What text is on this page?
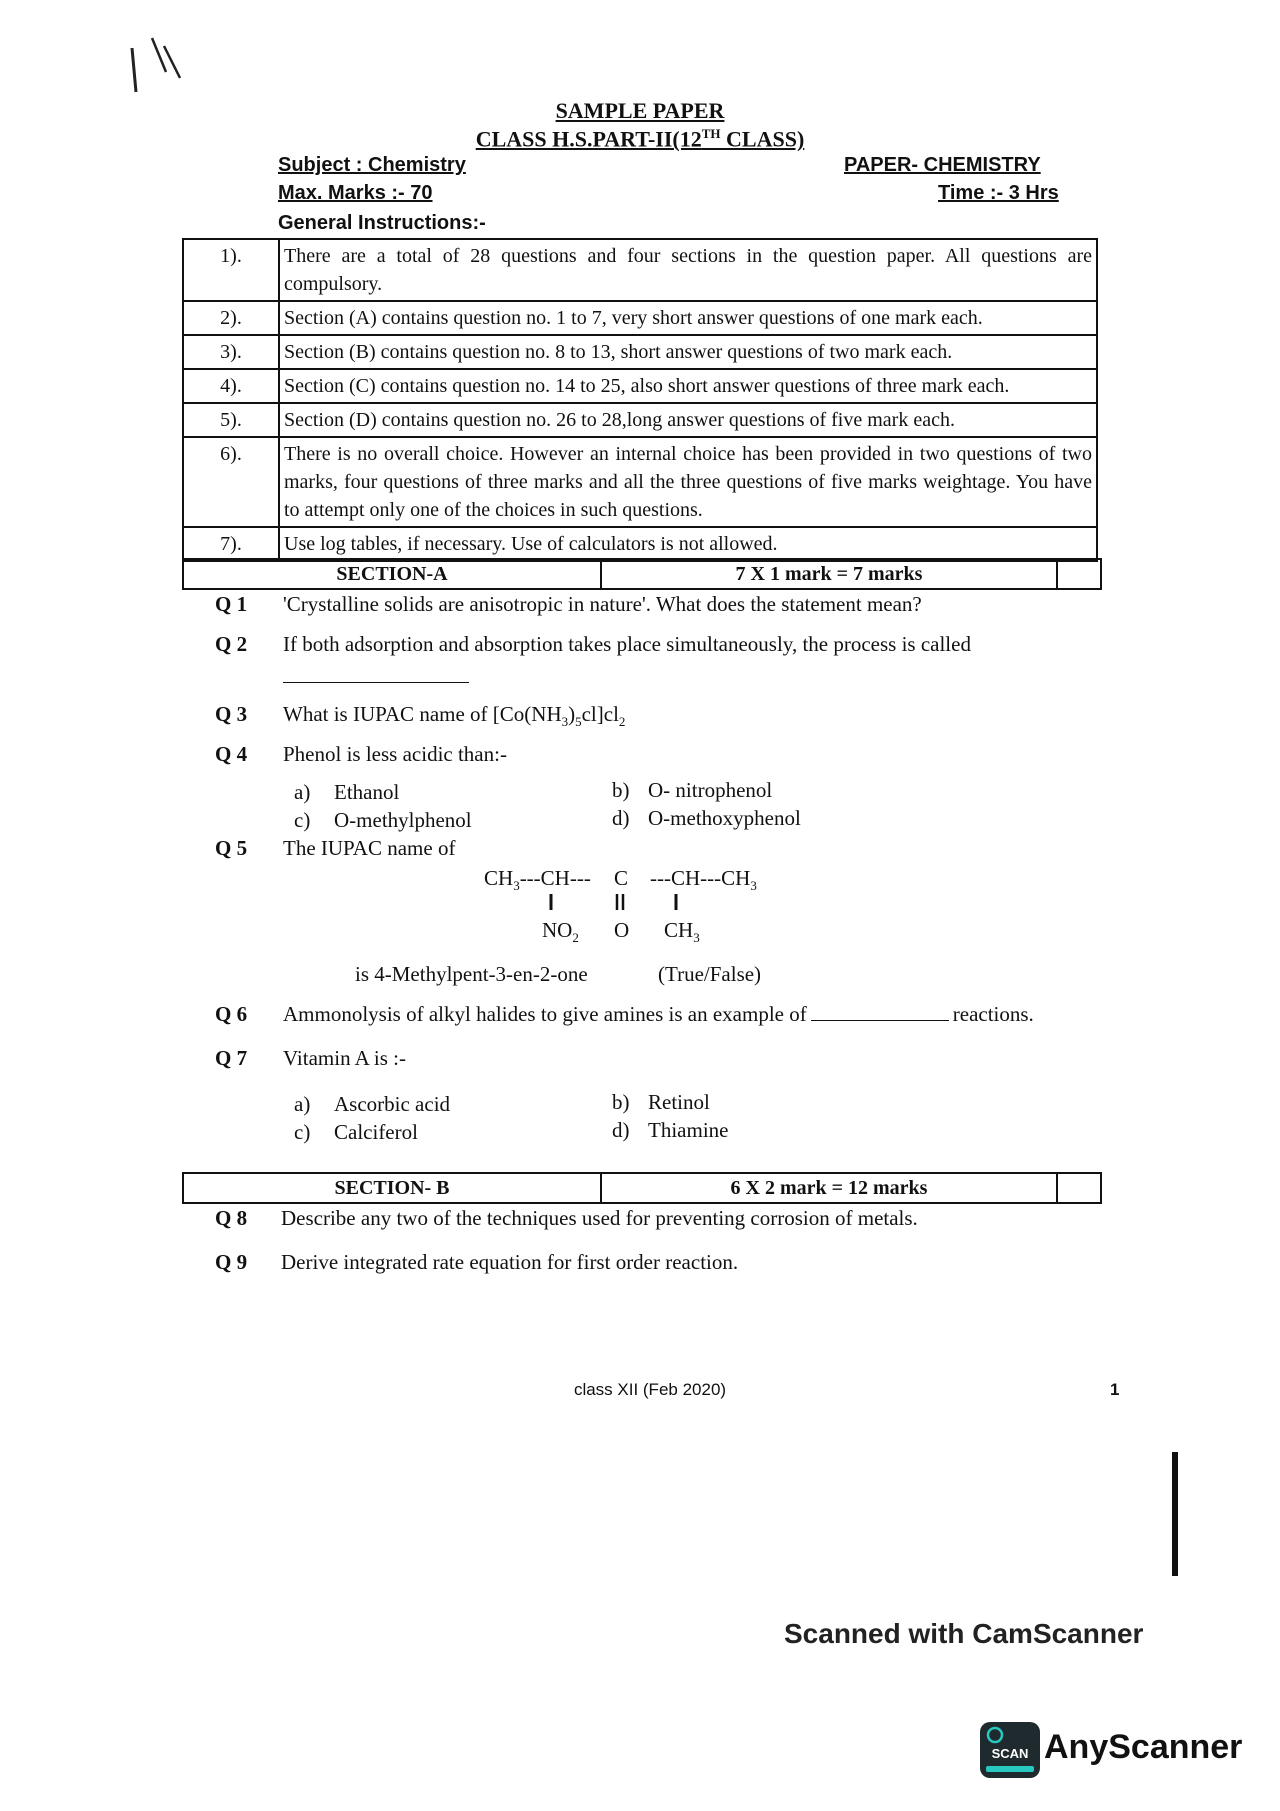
SAMPLE PAPER
CLASS H.S.PART-II(12TH CLASS)
Subject : Chemistry	PAPER- CHEMISTRY
Max. Marks :- 70	Time :- 3 Hrs
General Instructions:-
1).	There are a total of 28 questions and four sections in the question paper. All questions are compulsory.
2).	Section (A) contains question no. 1 to 7, very short answer questions of one mark each.
3).	Section (B) contains question no. 8 to 13, short answer questions of two mark each.
4).	Section (C) contains question no. 14 to 25, also short answer questions of three mark each.
5).	Section (D) contains question no. 26 to 28,long answer questions of five mark each.
6).	There is no overall choice. However an internal choice has been provided in two questions of two marks, four questions of three marks and all the three questions of five marks weightage. You have to attempt only one of the choices in such questions.
7).	Use log tables, if necessary. Use of calculators is not allowed.
SECTION-A	7 X 1 mark = 7 marks
Q 1 'Crystalline solids are anisotropic in nature'. What does the statement mean?
Q 2 If both adsorption and absorption takes place simultaneously, the process is called
Q 3 What is IUPAC name of $[Co(NH_3)_5cl]cl_2$
Q 4 Phenol is less acidic than:-
a) Ethanol	b) O- nitrophenol
c) O-methylphenol	d) O-methoxyphenol
Q 5 The IUPAC name of
$CH_3---CH---$ C $---CH---CH_3$
$NO_2$ O $CH_3$
is 4-Methylpent-3-en-2-one	(True/False)
Q 6 Ammonolysis of alkyl halides to give amines is an example of	reactions.
Q 7 Vitamin A is :-
a) Ascorbic acid	b) Retinol
c) Calciferol	d) Thiamine
SECTION- B	6 X 2 mark = 12 marks
Q 8 Describe any two of the techniques used for preventing corrosion of metals.
Q 9 Derive integrated rate equation for first order reaction.
class XII (Feb 2020)	1
Scanned with CamScanner
SCAN AnyScanner
